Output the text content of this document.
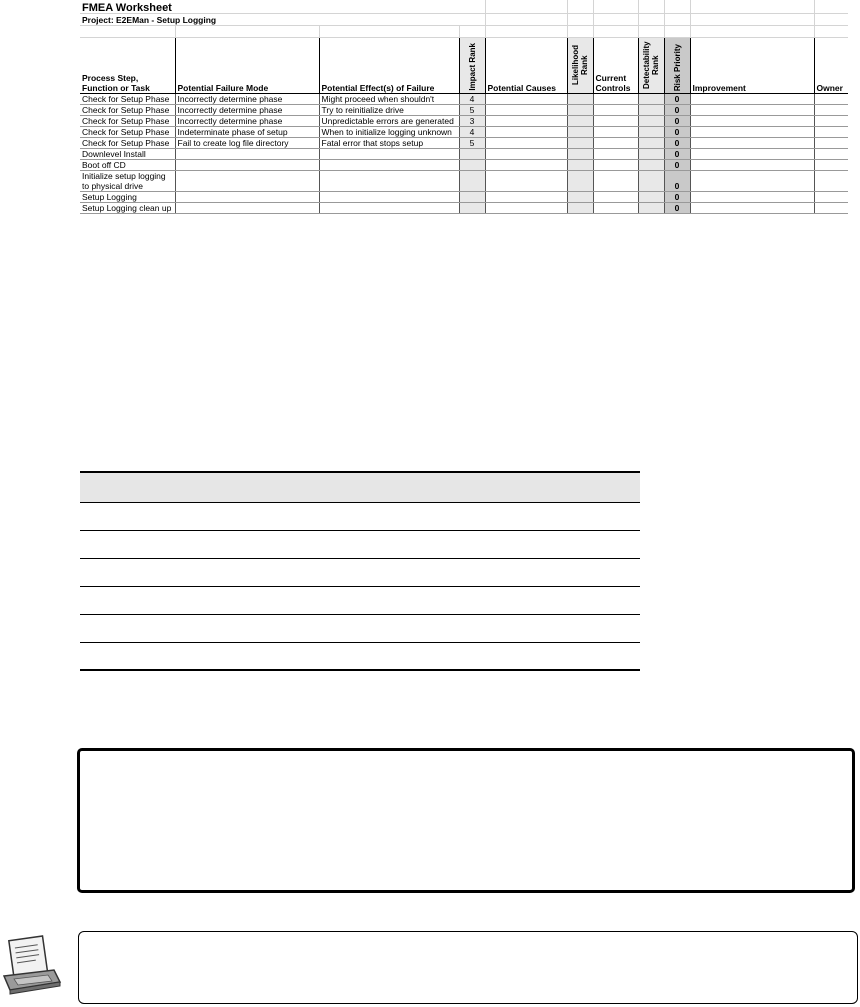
FMEA Worksheet										
Project: E2EMan - Setup Logging										

Process Step, Function or Task	Potential Failure Mode	Potential Effect(s) of Failure	Impact Rank	Potential Causes	Likelihood Rank	Current Controls	Detectability Rank	Risk Priority	Improvement	Owner
Check for Setup Phase	Incorrectly determine phase	Might proceed when shouldn't	4					0		
Check for Setup Phase	Incorrectly determine phase	Try to reinitialize drive	5					0		
Check for Setup Phase	Incorrectly determine phase	Unpredictable errors are generated	3					0		
Check for Setup Phase	Indeterminate phase of setup	When to initialize logging unknown	4					0		
Check for Setup Phase	Fail to create log file directory	Fatal error that stops setup	5					0		
Downlevel Install								0		
Boot off CD								0		
Initialize setup logging to physical drive								0		
Setup Logging								0		
Setup Logging clean up								0		
